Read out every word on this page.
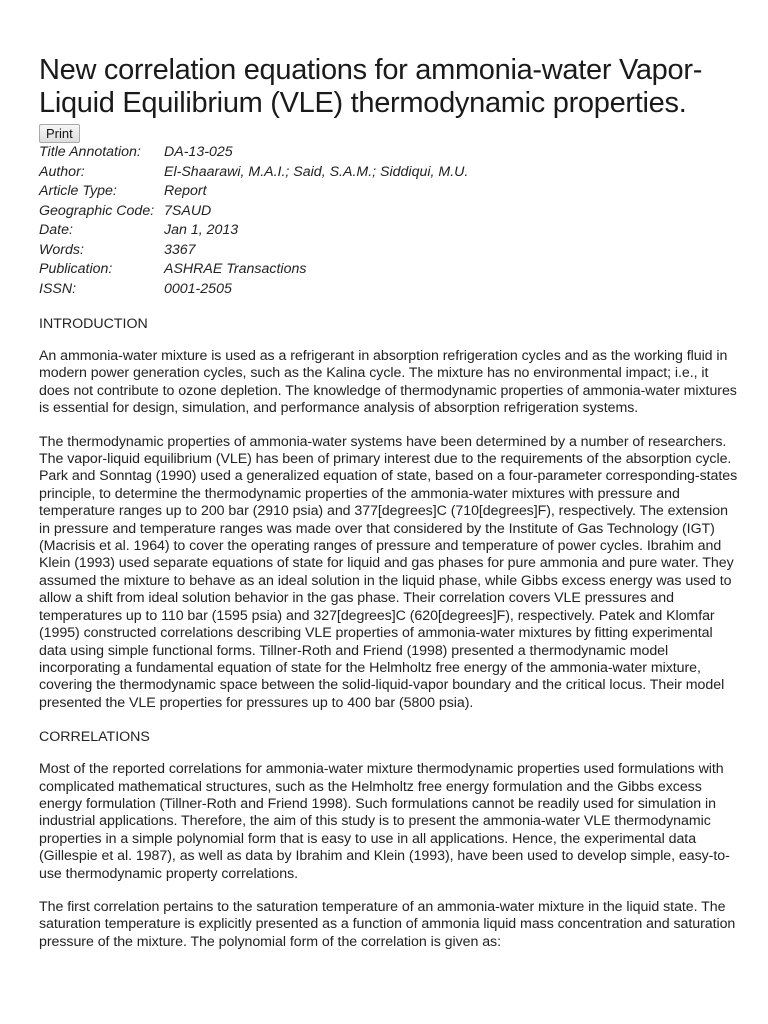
New correlation equations for ammonia-water Vapor-Liquid Equilibrium (VLE) thermodynamic properties.
Print
Title Annotation:	DA-13-025
Author:	El-Shaarawi, M.A.I.; Said, S.A.M.; Siddiqui, M.U.
Article Type:	Report
Geographic Code:	7SAUD
Date:	Jan 1, 2013
Words:	3367
Publication:	ASHRAE Transactions
ISSN:	0001-2505
INTRODUCTION

An ammonia-water mixture is used as a refrigerant in absorption refrigeration cycles and as the working fluid in modern power generation cycles, such as the Kalina cycle. The mixture has no environmental impact; i.e., it does not contribute to ozone depletion. The knowledge of thermodynamic properties of ammonia-water mixtures is essential for design, simulation, and performance analysis of absorption refrigeration systems.

The thermodynamic properties of ammonia-water systems have been determined by a number of researchers. The vapor-liquid equilibrium (VLE) has been of primary interest due to the requirements of the absorption cycle. Park and Sonntag (1990) used a generalized equation of state, based on a four-parameter corresponding-states principle, to determine the thermodynamic properties of the ammonia-water mixtures with pressure and temperature ranges up to 200 bar (2910 psia) and 377[degrees]C (710[degrees]F), respectively. The extension in pressure and temperature ranges was made over that considered by the Institute of Gas Technology (IGT) (Macrisis et al. 1964) to cover the operating ranges of pressure and temperature of power cycles. Ibrahim and Klein (1993) used separate equations of state for liquid and gas phases for pure ammonia and pure water. They assumed the mixture to behave as an ideal solution in the liquid phase, while Gibbs excess energy was used to allow a shift from ideal solution behavior in the gas phase. Their correlation covers VLE pressures and temperatures up to 110 bar (1595 psia) and 327[degrees]C (620[degrees]F), respectively. Patek and Klomfar (1995) constructed correlations describing VLE properties of ammonia-water mixtures by fitting experimental data using simple functional forms. Tillner-Roth and Friend (1998) presented a thermodynamic model incorporating a fundamental equation of state for the Helmholtz free energy of the ammonia-water mixture, covering the thermodynamic space between the solid-liquid-vapor boundary and the critical locus. Their model presented the VLE properties for pressures up to 400 bar (5800 psia).

CORRELATIONS

Most of the reported correlations for ammonia-water mixture thermodynamic properties used formulations with complicated mathematical structures, such as the Helmholtz free energy formulation and the Gibbs excess energy formulation (Tillner-Roth and Friend 1998). Such formulations cannot be readily used for simulation in industrial applications. Therefore, the aim of this study is to present the ammonia-water VLE thermodynamic properties in a simple polynomial form that is easy to use in all applications. Hence, the experimental data (Gillespie et al. 1987), as well as data by Ibrahim and Klein (1993), have been used to develop simple, easy-to-use thermodynamic property correlations.

The first correlation pertains to the saturation temperature of an ammonia-water mixture in the liquid state. The saturation temperature is explicitly presented as a function of ammonia liquid mass concentration and saturation pressure of the mixture. The polynomial form of the correlation is given as:
